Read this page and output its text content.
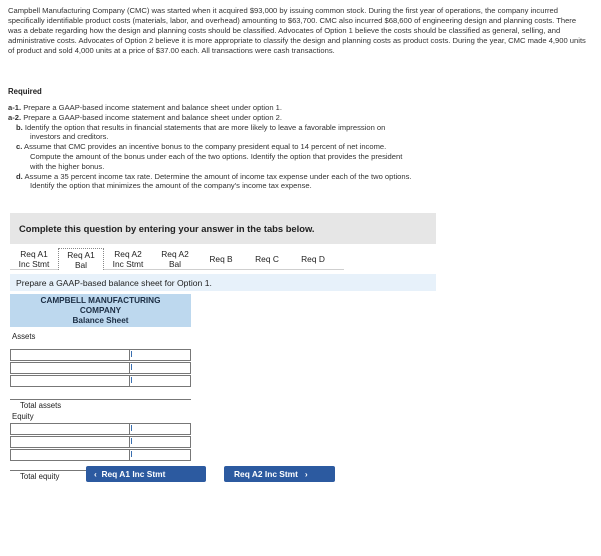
Campbell Manufacturing Company (CMC) was started when it acquired $93,000 by issuing common stock. During the first year of operations, the company incurred specifically identifiable product costs (materials, labor, and overhead) amounting to $63,700. CMC also incurred $68,600 of engineering design and planning costs. There was a debate regarding how the design and planning costs should be classified. Advocates of Option 1 believe the costs should be classified as general, selling, and administrative costs. Advocates of Option 2 believe it is more appropriate to classify the design and planning costs as product costs. During the year, CMC made 4,900 units of product and sold 4,000 units at a price of $37.00 each. All transactions were cash transactions.
Required
a-1. Prepare a GAAP-based income statement and balance sheet under option 1.
a-2. Prepare a GAAP-based income statement and balance sheet under option 2.
b. Identify the option that results in financial statements that are more likely to leave a favorable impression on
investors and creditors.
c. Assume that CMC provides an incentive bonus to the company president equal to 14 percent of net income.
Compute the amount of the bonus under each of the two options. Identify the option that provides the president
with the higher bonus.
d. Assume a 35 percent income tax rate. Determine the amount of income tax expense under each of the two options.
Identify the option that minimizes the amount of the company's income tax expense.
Complete this question by entering your answer in the tabs below.
Req A1
Inc Stmt
Req A1
Bal
Req A2
Inc Stmt
Req A2
Bal	Req B	Req C	Req D
Prepare a GAAP-based balance sheet for Option 1.
CAMPBELL MANUFACTURING
COMPANY
Balance Sheet
Assets
Total assets
Equity
Total equity	‹ Req A1 Inc Stmt	Req A2 Inc Stmt ›
